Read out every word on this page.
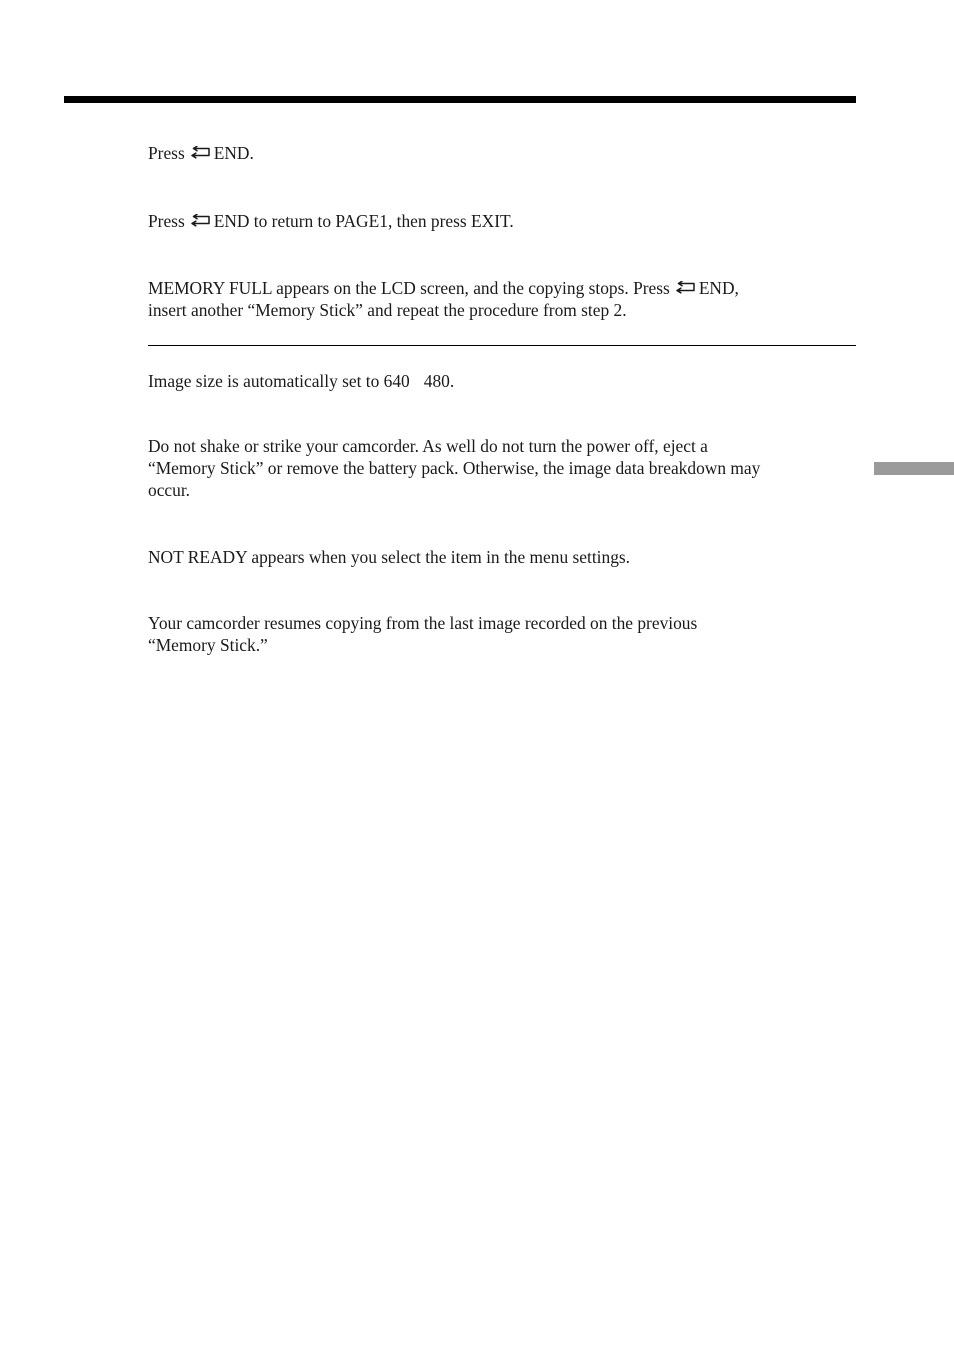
Press END.

Press END to return to PAGE1, then press EXIT.

MEMORY FULL appears on the LCD screen, and the copying stops. Press END,
insert another “Memory Stick” and repeat the procedure from step 2.

Image size is automatically set to 640 480.

Do not shake or strike your camcorder. As well do not turn the power off, eject a
“Memory Stick” or remove the battery pack. Otherwise, the image data breakdown may
occur.

NOT READY appears when you select the item in the menu settings.

Your camcorder resumes copying from the last image recorded on the previous
“Memory Stick.”
